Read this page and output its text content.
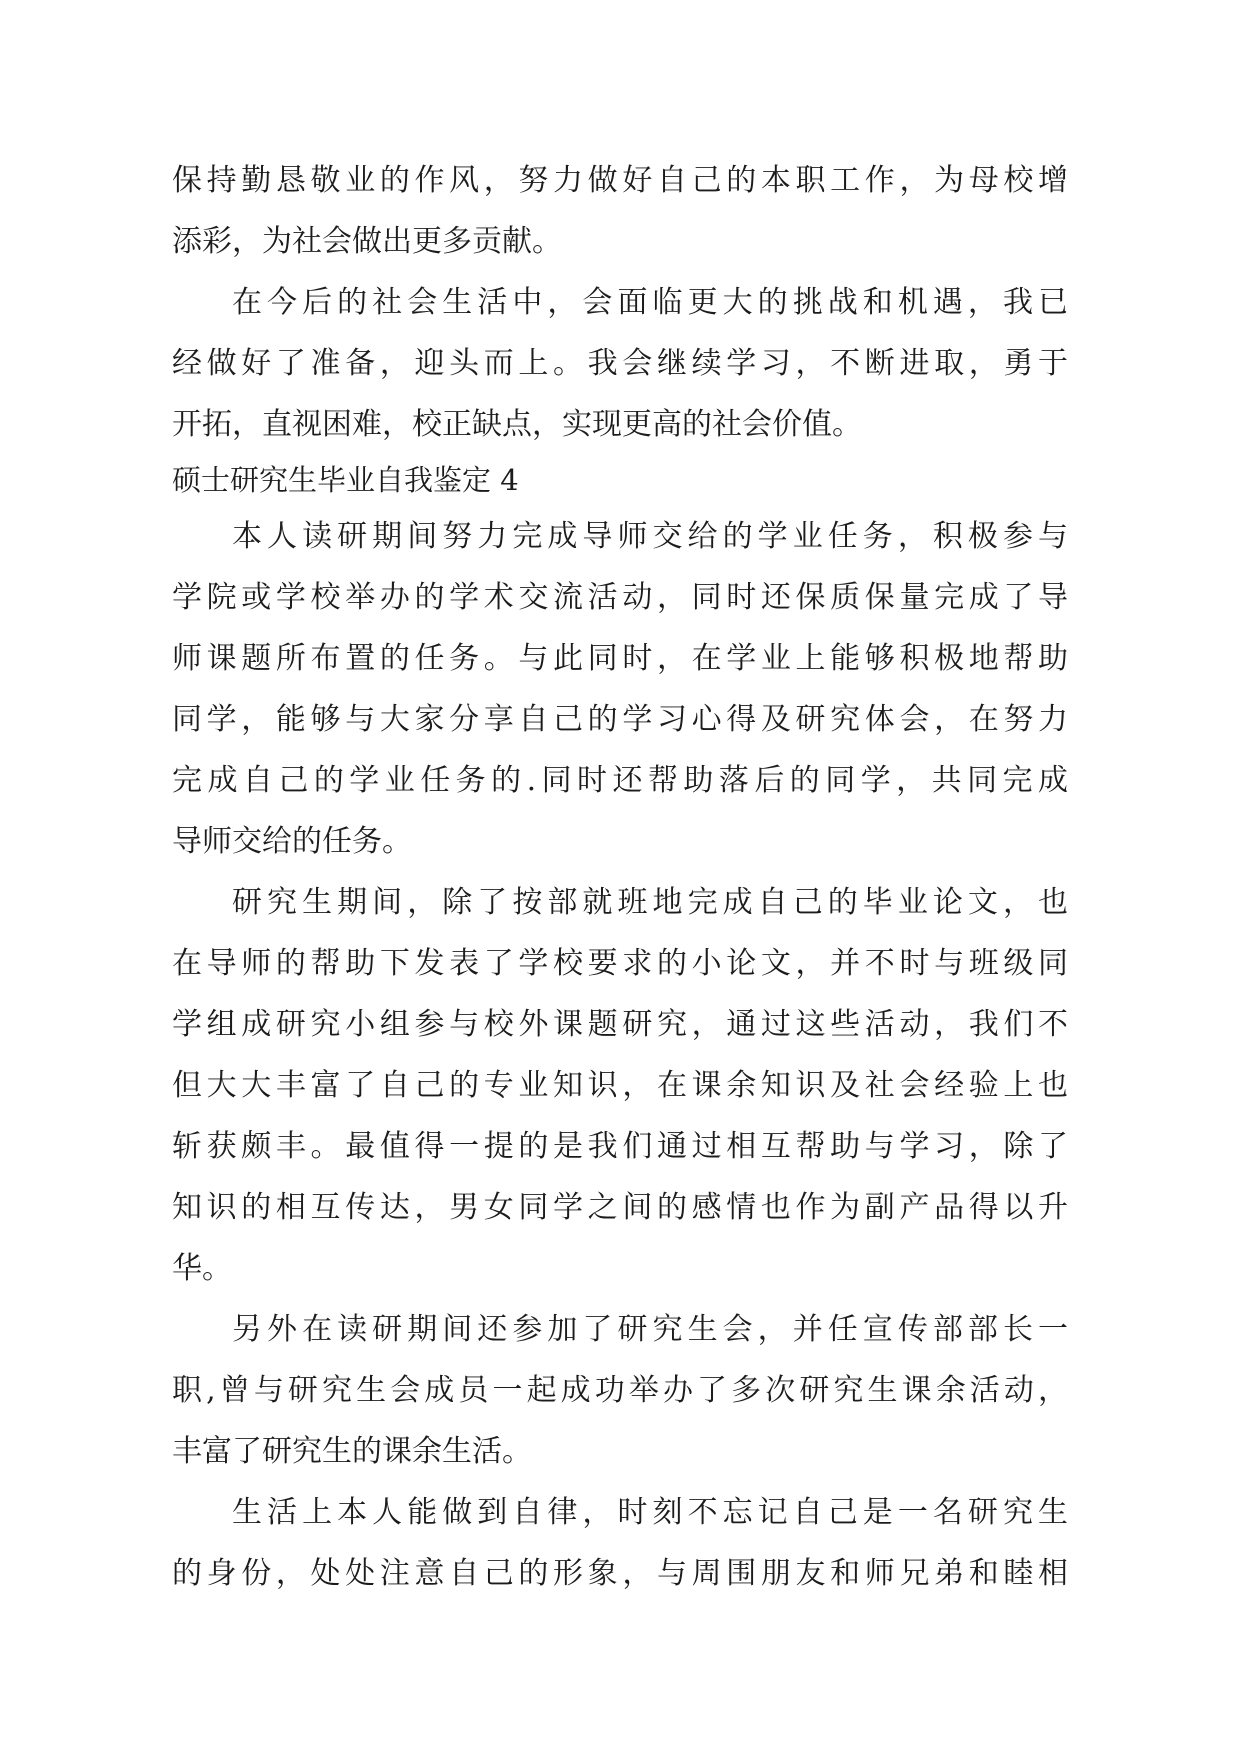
保持勤恳敬业的作风，努力做好自己的本职工作，为母校增
添彩，为社会做出更多贡献。
在今后的社会生活中，会面临更大的挑战和机遇，我已
经做好了准备，迎头而上。我会继续学习，不断进取，勇于
开拓，直视困难，校正缺点，实现更高的社会价值。
硕士研究生毕业自我鉴定 4
本人读研期间努力完成导师交给的学业任务，积极参与
学院或学校举办的学术交流活动，同时还保质保量完成了导
师课题所布置的任务。与此同时，在学业上能够积极地帮助
同学，能够与大家分享自己的学习心得及研究体会，在努力
完成自己的学业任务的.同时还帮助落后的同学，共同完成
导师交给的任务。
研究生期间，除了按部就班地完成自己的毕业论文，也
在导师的帮助下发表了学校要求的小论文，并不时与班级同
学组成研究小组参与校外课题研究，通过这些活动，我们不
但大大丰富了自己的专业知识，在课余知识及社会经验上也
斩获颇丰。最值得一提的是我们通过相互帮助与学习，除了
知识的相互传达，男女同学之间的感情也作为副产品得以升
华。
另外在读研期间还参加了研究生会，并任宣传部部长一
职,曾与研究生会成员一起成功举办了多次研究生课余活动，
丰富了研究生的课余生活。
生活上本人能做到自律，时刻不忘记自己是一名研究生
的身份，处处注意自己的形象，与周围朋友和师兄弟和睦相
